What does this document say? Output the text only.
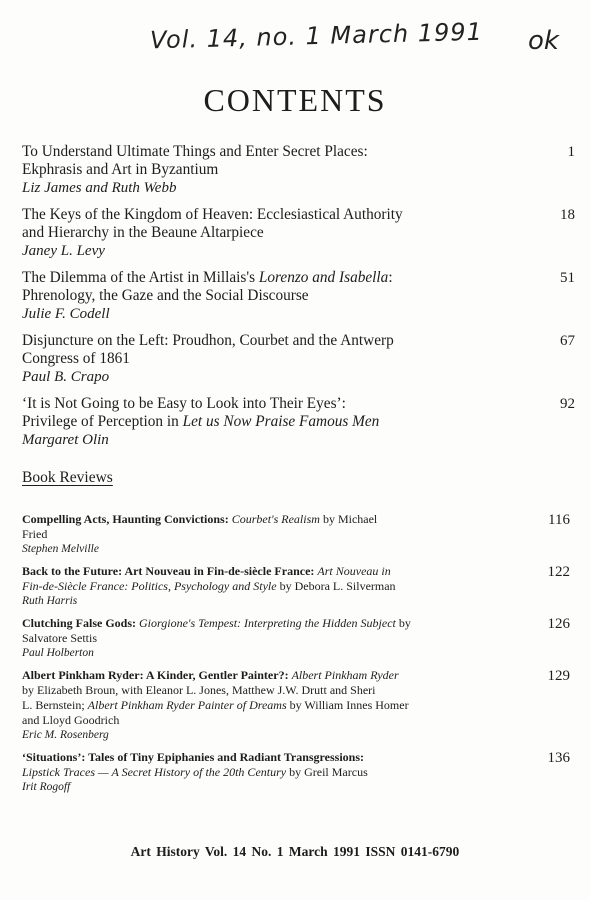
Vol. 14, no. 1 March 1991 ok
CONTENTS
To Understand Ultimate Things and Enter Secret Places:
Ekphrasis and Art in Byzantium
Liz James and Ruth Webb
1
The Keys of the Kingdom of Heaven: Ecclesiastical Authority
and Hierarchy in the Beaune Altarpiece
Janey L. Levy
18
The Dilemma of the Artist in Millais's Lorenzo and Isabella:
Phrenology, the Gaze and the Social Discourse
Julie F. Codell
51
Disjuncture on the Left: Proudhon, Courbet and the Antwerp
Congress of 1861
Paul B. Crapo
67
‘It is Not Going to be Easy to Look into Their Eyes’:
Privilege of Perception in Let us Now Praise Famous Men
Margaret Olin
92
Book Reviews
Compelling Acts, Haunting Convictions: Courbet's Realism by Michael
Fried
Stephen Melville
116
Back to the Future: Art Nouveau in Fin-de-siècle France: Art Nouveau in
Fin-de-Siècle France: Politics, Psychology and Style by Debora L. Silverman
Ruth Harris
122
Clutching False Gods: Giorgione's Tempest: Interpreting the Hidden Subject by
Salvatore Settis
Paul Holberton
126
Albert Pinkham Ryder: A Kinder, Gentler Painter?: Albert Pinkham Ryder
by Elizabeth Broun, with Eleanor L. Jones, Matthew J.W. Drutt and Sheri
L. Bernstein; Albert Pinkham Ryder Painter of Dreams by William Innes Homer
and Lloyd Goodrich
Eric M. Rosenberg
129
‘Situations’: Tales of Tiny Epiphanies and Radiant Transgressions:
Lipstick Traces — A Secret History of the 20th Century by Greil Marcus
Irit Rogoff
136
Art History Vol. 14 No. 1 March 1991 ISSN 0141-6790
